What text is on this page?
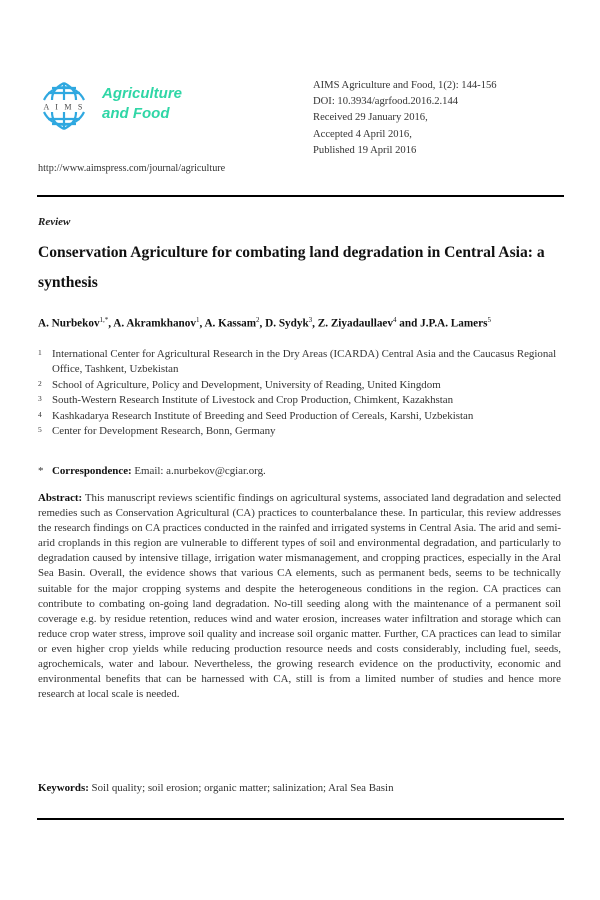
A I M S
Agriculture
and Food
AIMS Agriculture and Food, 1(2): 144-156
DOI: 10.3934/agrfood.2016.2.144
Received 29 January 2016,
Accepted 4 April 2016,
Published 19 April 2016
http://www.aimspress.com/journal/agriculture
Review
Conservation Agriculture for combating land degradation in Central Asia: a synthesis
A. Nurbekov$^{1,*}$, A. Akramkhanov$^1$, A. Kassam$^2$, D. Sydyk$^3$, Z. Ziyadaullaev$^4$ and J.P.A. Lamers$^5$
1 International Center for Agricultural Research in the Dry Areas (ICARDA) Central Asia and the Caucasus Regional Office, Tashkent, Uzbekistan
2 School of Agriculture, Policy and Development, University of Reading, United Kingdom
3 South-Western Research Institute of Livestock and Crop Production, Chimkent, Kazakhstan
4 Kashkadarya Research Institute of Breeding and Seed Production of Cereals, Karshi, Uzbekistan
5 Center for Development Research, Bonn, Germany
* Correspondence: Email: a.nurbekov@cgiar.org.
Abstract: This manuscript reviews scientific findings on agricultural systems, associated land degradation and selected remedies such as Conservation Agricultural (CA) practices to counterbalance these. In particular, this review addresses the research findings on CA practices conducted in the rainfed and irrigated systems in Central Asia. The arid and semi-arid croplands in this region are vulnerable to different types of soil and environmental degradation, and particularly to degradation caused by intensive tillage, irrigation water mismanagement, and cropping practices, especially in the Aral Sea Basin. Overall, the evidence shows that various CA elements, such as permanent beds, seems to be technically suitable for the major cropping systems and despite the heterogeneous conditions in the region. CA practices can contribute to combating on-going land degradation. No-till seeding along with the maintenance of a permanent soil coverage e.g. by residue retention, reduces wind and water erosion, increases water infiltration and storage which can reduce crop water stress, improve soil quality and increase soil organic matter. Further, CA practices can lead to similar or even higher crop yields while reducing production resource needs and costs considerably, including fuel, seeds, agrochemicals, water and labour. Nevertheless, the growing research evidence on the productivity, economic and environmental benefits that can be harnessed with CA, still is from a limited number of studies and hence more research at local scale is needed.
Keywords: Soil quality; soil erosion; organic matter; salinization; Aral Sea Basin
